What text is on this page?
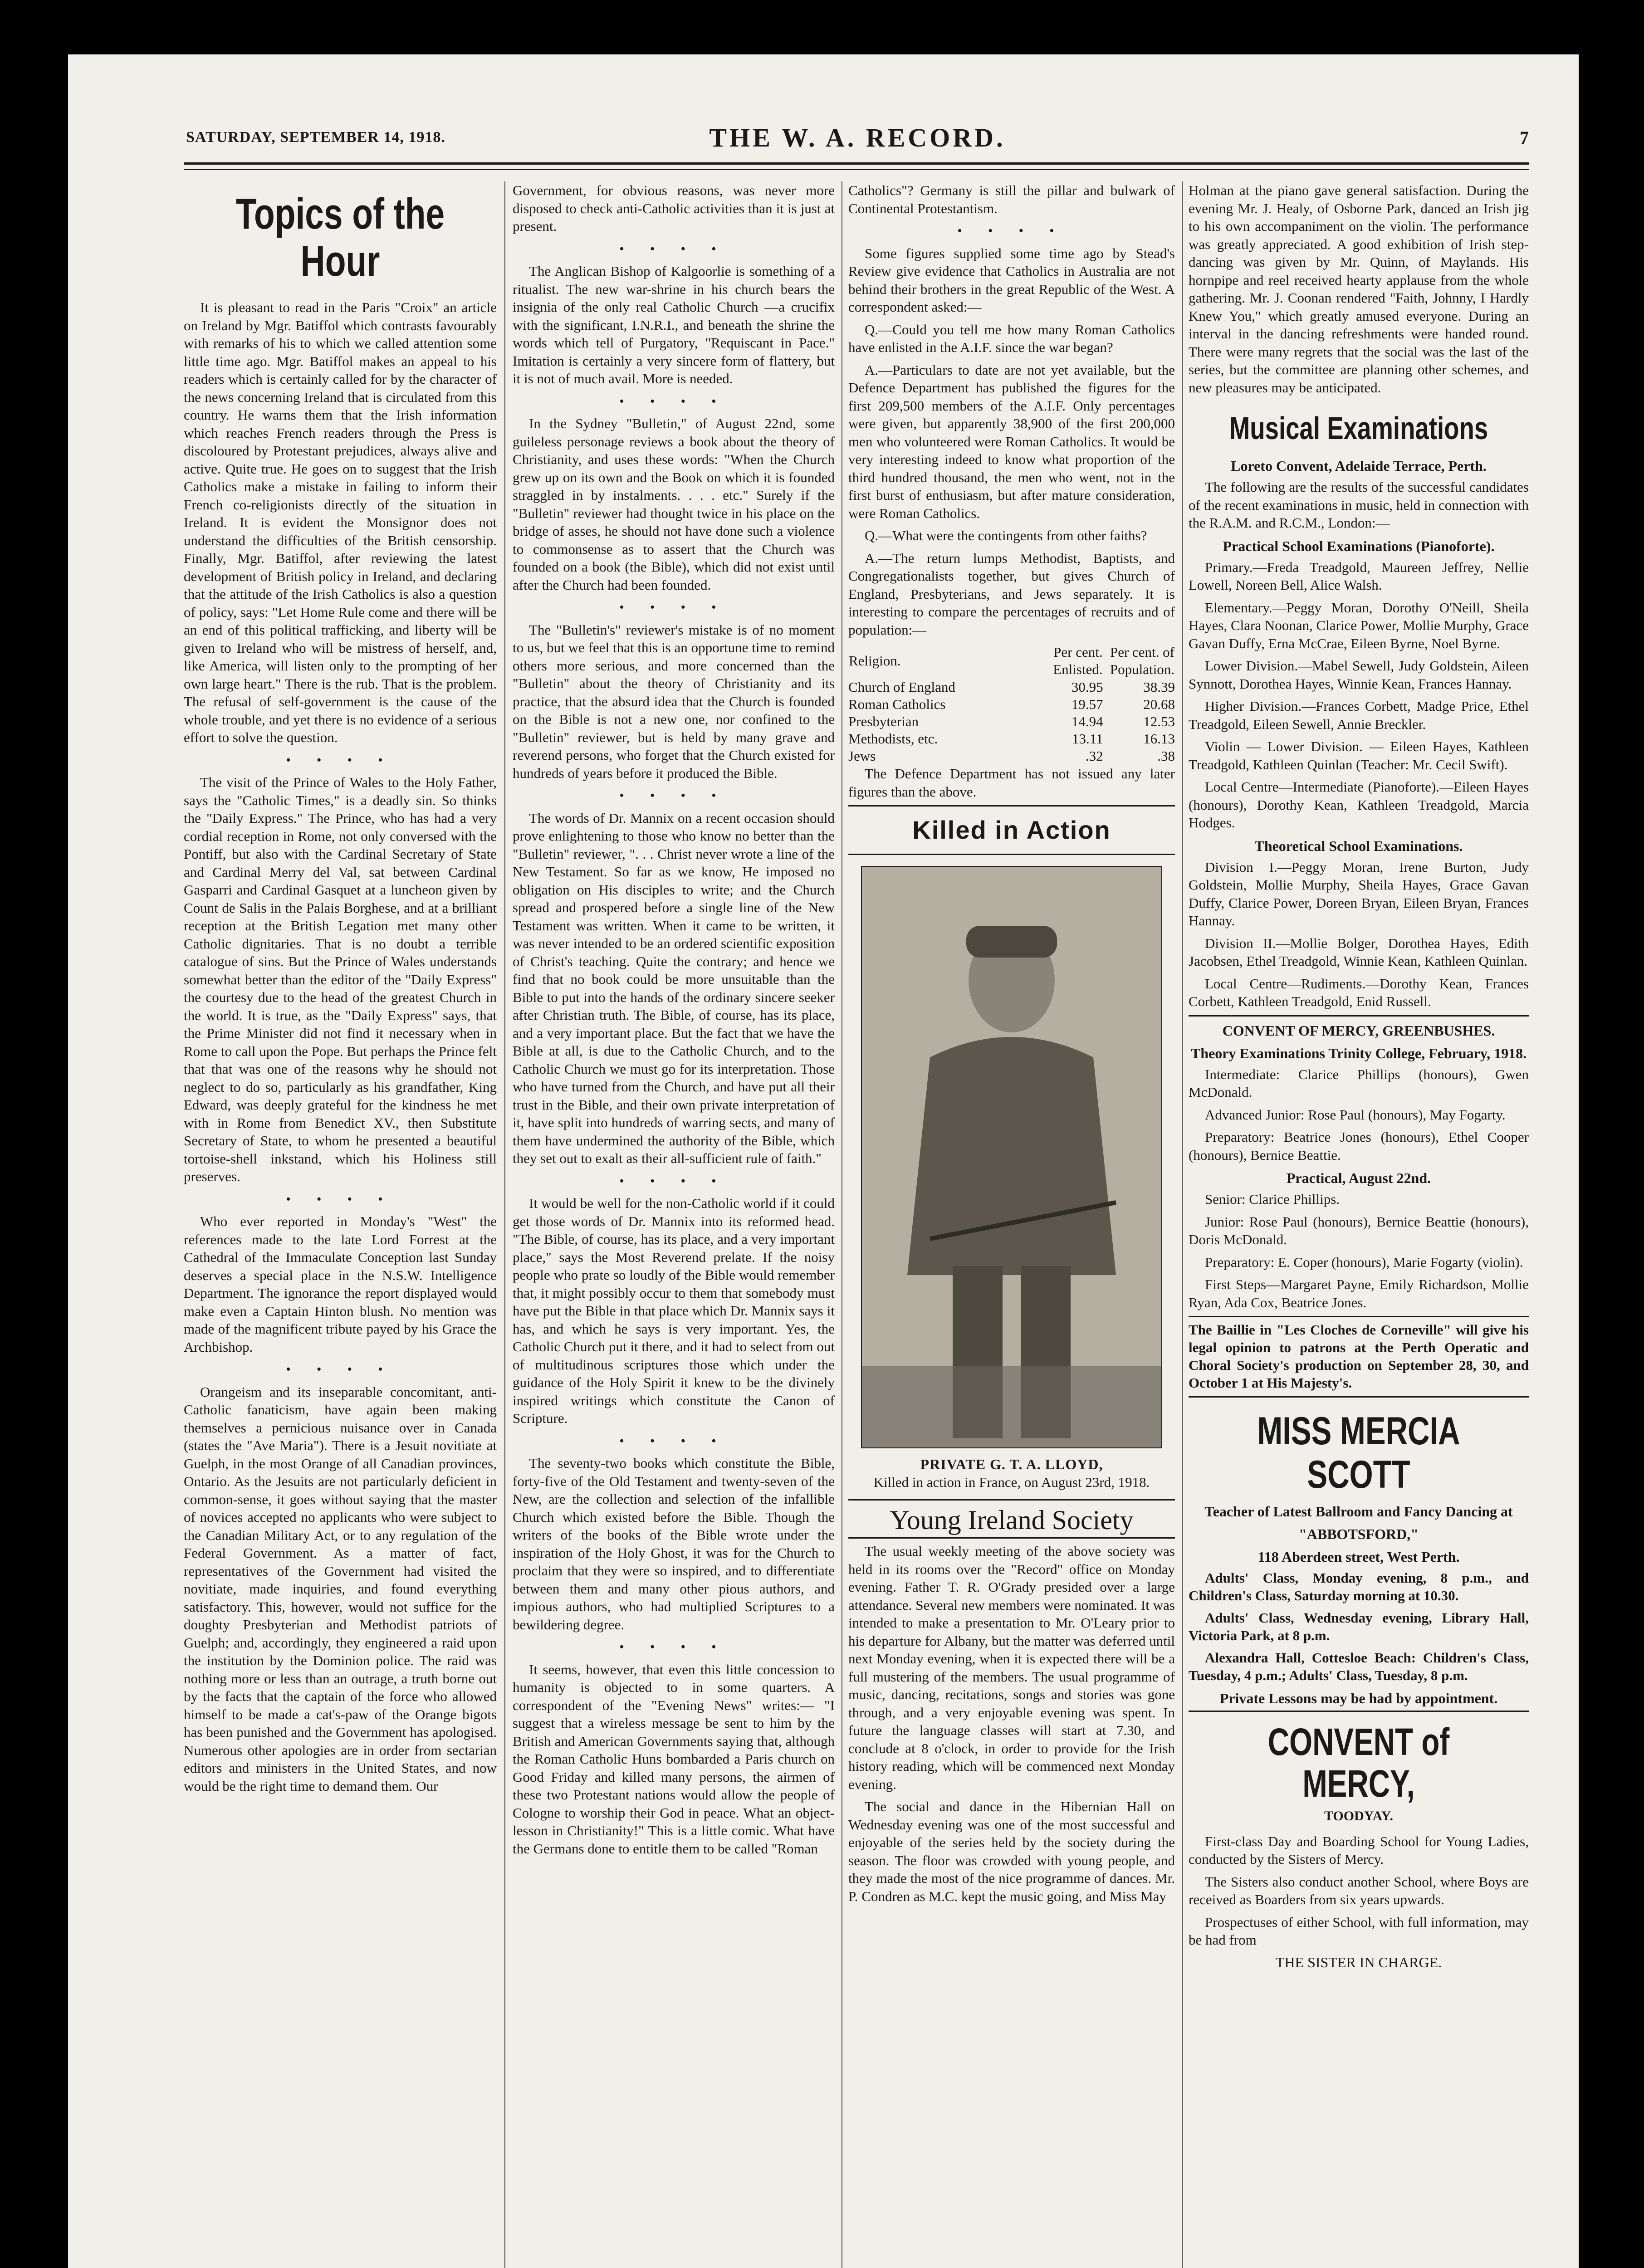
SATURDAY, SEPTEMBER 14, 1918.	THE W. A. RECORD.	7
Topics of the Hour

It is pleasant to read in the Paris "Croix" an article on Ireland by Mgr. Batiffol which contrasts favourably with remarks of his to which we called attention some little time ago. Mgr. Batiffol makes an appeal to his readers which is certainly called for by the character of the news concerning Ireland that is circulated from this country. He warns them that the Irish information which reaches French readers through the Press is discoloured by Protestant prejudices, always alive and active. Quite true. He goes on to suggest that the Irish Catholics make a mistake in failing to inform their French co-religionists directly of the situation in Ireland. It is evident the Monsignor does not understand the difficulties of the British censorship. Finally, Mgr. Batiffol, after reviewing the latest development of British policy in Ireland, and declaring that the attitude of the Irish Catholics is also a question of policy, says: "Let Home Rule come and there will be an end of this political trafficking, and liberty will be given to Ireland who will be mistress of herself, and, like America, will listen only to the prompting of her own large heart." There is the rub. That is the problem. The refusal of self-government is the cause of the whole trouble, and yet there is no evidence of a serious effort to solve the question.

• • • •

The visit of the Prince of Wales to the Holy Father, says the "Catholic Times," is a deadly sin. So thinks the "Daily Express." The Prince, who has had a very cordial reception in Rome, not only conversed with the Pontiff, but also with the Cardinal Secretary of State and Cardinal Merry del Val, sat between Cardinal Gasparri and Cardinal Gasquet at a luncheon given by Count de Salis in the Palais Borghese, and at a brilliant reception at the British Legation met many other Catholic dignitaries. That is no doubt a terrible catalogue of sins. But the Prince of Wales understands somewhat better than the editor of the "Daily Express" the courtesy due to the head of the greatest Church in the world. It is true, as the "Daily Express" says, that the Prime Minister did not find it necessary when in Rome to call upon the Pope. But perhaps the Prince felt that that was one of the reasons why he should not neglect to do so, particularly as his grandfather, King Edward, was deeply grateful for the kindness he met with in Rome from Benedict XV., then Substitute Secretary of State, to whom he presented a beautiful tortoise-shell inkstand, which his Holiness still preserves.

• • • •

Who ever reported in Monday's "West" the references made to the late Lord Forrest at the Cathedral of the Immaculate Conception last Sunday deserves a special place in the N.S.W. Intelligence Department. The ignorance the report displayed would make even a Captain Hinton blush. No mention was made of the magnificent tribute payed by his Grace the Archbishop.

• • • •

Orangeism and its inseparable concomitant, anti-Catholic fanaticism, have again been making themselves a pernicious nuisance over in Canada (states the "Ave Maria"). There is a Jesuit novitiate at Guelph, in the most Orange of all Canadian provinces, Ontario. As the Jesuits are not particularly deficient in common-sense, it goes without saying that the master of novices accepted no applicants who were subject to the Canadian Military Act, or to any regulation of the Federal Government. As a matter of fact, representatives of the Government had visited the novitiate, made inquiries, and found everything satisfactory. This, however, would not suffice for the doughty Presbyterian and Methodist patriots of Guelph; and, accordingly, they engineered a raid upon the institution by the Dominion police. The raid was nothing more or less than an outrage, a truth borne out by the facts that the captain of the force who allowed himself to be made a cat's-paw of the Orange bigots has been punished and the Government has apologised. Numerous other apologies are in order from sectarian editors and ministers in the United States, and now would be the right time to demand them. Our

Government, for obvious reasons, was never more disposed to check anti-Catholic activities than it is just at present.

• • • •

The Anglican Bishop of Kalgoorlie is something of a ritualist. The new war-shrine in his church bears the insignia of the only real Catholic Church —a crucifix with the significant, I.N.R.I., and beneath the shrine the words which tell of Purgatory, "Requiscant in Pace." Imitation is certainly a very sincere form of flattery, but it is not of much avail. More is needed.

• • • •

In the Sydney "Bulletin," of August 22nd, some guileless personage reviews a book about the theory of Christianity, and uses these words: "When the Church grew up on its own and the Book on which it is founded straggled in by instalments. . . . etc." Surely if the "Bulletin" reviewer had thought twice in his place on the bridge of asses, he should not have done such a violence to commonsense as to assert that the Church was founded on a book (the Bible), which did not exist until after the Church had been founded.

• • • •

The "Bulletin's" reviewer's mistake is of no moment to us, but we feel that this is an opportune time to remind others more serious, and more concerned than the "Bulletin" about the theory of Christianity and its practice, that the absurd idea that the Church is founded on the Bible is not a new one, nor confined to the "Bulletin" reviewer, but is held by many grave and reverend persons, who forget that the Church existed for hundreds of years before it produced the Bible.

• • • •

The words of Dr. Mannix on a recent occasion should prove enlightening to those who know no better than the "Bulletin" reviewer, ". . . Christ never wrote a line of the New Testament. So far as we know, He imposed no obligation on His disciples to write; and the Church spread and prospered before a single line of the New Testament was written. When it came to be written, it was never intended to be an ordered scientific exposition of Christ's teaching. Quite the contrary; and hence we find that no book could be more unsuitable than the Bible to put into the hands of the ordinary sincere seeker after Christian truth. The Bible, of course, has its place, and a very important place. But the fact that we have the Bible at all, is due to the Catholic Church, and to the Catholic Church we must go for its interpretation. Those who have turned from the Church, and have put all their trust in the Bible, and their own private interpretation of it, have split into hundreds of warring sects, and many of them have undermined the authority of the Bible, which they set out to exalt as their all-sufficient rule of faith."

• • • •

It would be well for the non-Catholic world if it could get those words of Dr. Mannix into its reformed head. "The Bible, of course, has its place, and a very important place," says the Most Reverend prelate. If the noisy people who prate so loudly of the Bible would remember that, it might possibly occur to them that somebody must have put the Bible in that place which Dr. Mannix says it has, and which he says is very important. Yes, the Catholic Church put it there, and it had to select from out of multitudinous scriptures those which under the guidance of the Holy Spirit it knew to be the divinely inspired writings which constitute the Canon of Scripture.

• • • •

The seventy-two books which constitute the Bible, forty-five of the Old Testament and twenty-seven of the New, are the collection and selection of the infallible Church which existed before the Bible. Though the writers of the books of the Bible wrote under the inspiration of the Holy Ghost, it was for the Church to proclaim that they were so inspired, and to differentiate between them and many other pious authors, and impious authors, who had multiplied Scriptures to a bewildering degree.

• • • •

It seems, however, that even this little concession to humanity is objected to in some quarters. A correspondent of the "Evening News" writes:— "I suggest that a wireless message be sent to him by the British and American Governments saying that, although the Roman Catholic Huns bombarded a Paris church on Good Friday and killed many persons, the airmen of these two Protestant nations would allow the people of Cologne to worship their God in peace. What an object-lesson in Christianity!" This is a little comic. What have the Germans done to entitle them to be called "Roman

Catholics"? Germany is still the pillar and bulwark of Continental Protestantism.

• • • •

Some figures supplied some time ago by Stead's Review give evidence that Catholics in Australia are not behind their brothers in the great Republic of the West. A correspondent asked:—

Q.—Could you tell me how many Roman Catholics have enlisted in the A.I.F. since the war began?

A.—Particulars to date are not yet available, but the Defence Department has published the figures for the first 209,500 members of the A.I.F. Only percentages were given, but apparently 38,900 of the first 200,000 men who volunteered were Roman Catholics. It would be very interesting indeed to know what proportion of the third hundred thousand, the men who went, not in the first burst of enthusiasm, but after mature consideration, were Roman Catholics.

Q.—What were the contingents from other faiths?

A.—The return lumps Methodist, Baptists, and Congregationalists together, but gives Church of England, Presbyterians, and Jews separately. It is interesting to compare the percentages of recruits and of population:—

Religion.	Per cent. Enlisted.	Per cent. of Population.
Church of England	30.95	38.39
Roman Catholics	19.57	20.68
Presbyterian	14.94	12.53
Methodists, etc.	13.11	16.13
Jews	.32	.38

The Defence Department has not issued any later figures than the above.

Killed in Action
PRIVATE G. T. A. LLOYD,
Killed in action in France, on August 23rd, 1918.
Young Ireland Society

The usual weekly meeting of the above society was held in its rooms over the "Record" office on Monday evening. Father T. R. O'Grady presided over a large attendance. Several new members were nominated. It was intended to make a presentation to Mr. O'Leary prior to his departure for Albany, but the matter was deferred until next Monday evening, when it is expected there will be a full mustering of the members. The usual programme of music, dancing, recitations, songs and stories was gone through, and a very enjoyable evening was spent. In future the language classes will start at 7.30, and conclude at 8 o'clock, in order to provide for the Irish history reading, which will be commenced next Monday evening.

The social and dance in the Hibernian Hall on Wednesday evening was one of the most successful and enjoyable of the series held by the society during the season. The floor was crowded with young people, and they made the most of the nice programme of dances. Mr. P. Condren as M.C. kept the music going, and Miss May

Holman at the piano gave general satisfaction. During the evening Mr. J. Healy, of Osborne Park, danced an Irish jig to his own accompaniment on the violin. The performance was greatly appreciated. A good exhibition of Irish step-dancing was given by Mr. Quinn, of Maylands. His hornpipe and reel received hearty applause from the whole gathering. Mr. J. Coonan rendered "Faith, Johnny, I Hardly Knew You," which greatly amused everyone. During an interval in the dancing refreshments were handed round. There were many regrets that the social was the last of the series, but the committee are planning other schemes, and new pleasures may be anticipated.

Musical Examinations
Loreto Convent, Adelaide Terrace, Perth.

The following are the results of the successful candidates of the recent examinations in music, held in connection with the R.A.M. and R.C.M., London:—

Practical School Examinations (Pianoforte).

Primary.—Freda Treadgold, Maureen Jeffrey, Nellie Lowell, Noreen Bell, Alice Walsh.

Elementary.—Peggy Moran, Dorothy O'Neill, Sheila Hayes, Clara Noonan, Clarice Power, Mollie Murphy, Grace Gavan Duffy, Erna McCrae, Eileen Byrne, Noel Byrne.

Lower Division.—Mabel Sewell, Judy Goldstein, Aileen Synnott, Dorothea Hayes, Winnie Kean, Frances Hannay.

Higher Division.—Frances Corbett, Madge Price, Ethel Treadgold, Eileen Sewell, Annie Breckler.

Violin — Lower Division. — Eileen Hayes, Kathleen Treadgold, Kathleen Quinlan (Teacher: Mr. Cecil Swift).

Local Centre—Intermediate (Pianoforte).—Eileen Hayes (honours), Dorothy Kean, Kathleen Treadgold, Marcia Hodges.

Theoretical School Examinations.

Division I.—Peggy Moran, Irene Burton, Judy Goldstein, Mollie Murphy, Sheila Hayes, Grace Gavan Duffy, Clarice Power, Doreen Bryan, Eileen Bryan, Frances Hannay.

Division II.—Mollie Bolger, Dorothea Hayes, Edith Jacobsen, Ethel Treadgold, Winnie Kean, Kathleen Quinlan.

Local Centre—Rudiments.—Dorothy Kean, Frances Corbett, Kathleen Treadgold, Enid Russell.

CONVENT OF MERCY, GREENBUSHES.
Theory Examinations Trinity College, February, 1918.

Intermediate: Clarice Phillips (honours), Gwen McDonald.

Advanced Junior: Rose Paul (honours), May Fogarty.

Preparatory: Beatrice Jones (honours), Ethel Cooper (honours), Bernice Beattie.

Practical, August 22nd.

Senior: Clarice Phillips.

Junior: Rose Paul (honours), Bernice Beattie (honours), Doris McDonald.

Preparatory: E. Coper (honours), Marie Fogarty (violin).

First Steps—Margaret Payne, Emily Richardson, Mollie Ryan, Ada Cox, Beatrice Jones.

The Baillie in "Les Cloches de Corneville" will give his legal opinion to patrons at the Perth Operatic and Choral Society's production on September 28, 30, and October 1 at His Majesty's.

MISS MERCIA SCOTT
Teacher of Latest Ballroom and Fancy Dancing at
"ABBOTSFORD,"
118 Aberdeen street, West Perth.

Adults' Class, Monday evening, 8 p.m., and Children's Class, Saturday morning at 10.30.

Adults' Class, Wednesday evening, Library Hall, Victoria Park, at 8 p.m.

Alexandra Hall, Cottesloe Beach: Children's Class, Tuesday, 4 p.m.; Adults' Class, Tuesday, 8 p.m.

Private Lessons may be had by appointment.
CONVENT of MERCY,
TOODYAY.

First-class Day and Boarding School for Young Ladies, conducted by the Sisters of Mercy.

The Sisters also conduct another School, where Boys are received as Boarders from six years upwards.

Prospectuses of either School, with full information, may be had from

THE SISTER IN CHARGE.
